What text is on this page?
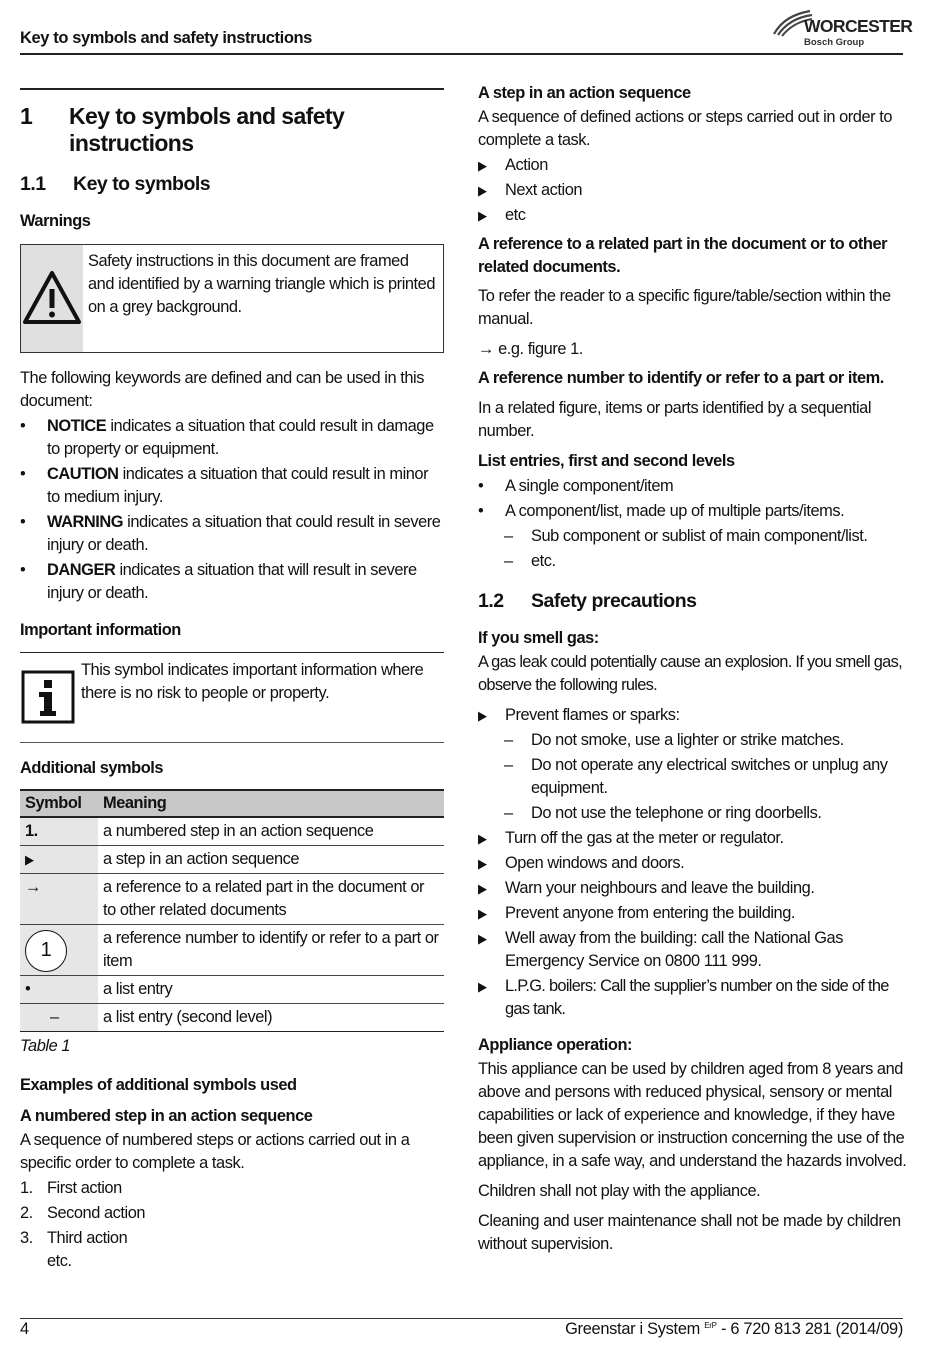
Key to symbols and safety instructions
WORCESTER
Bosch Group
1	Key to symbols and safety instructions
1.1	Key to symbols
Warnings
Safety instructions in this document are framed and identified by a warning triangle which is printed on a grey background.

The following keywords are defined and can be used in this document:

•	NOTICE indicates a situation that could result in damage to property or equipment.
•	CAUTION indicates a situation that could result in minor to medium injury.
•	WARNING indicates a situation that could result in severe injury or death.
•	DANGER indicates a situation that will result in severe injury or death.
Important information
This symbol indicates important information where there is no risk to people or property.
Additional symbols
Symbol	Meaning
1.	a numbered step in an action sequence
▶	a step in an action sequence
→	a reference to a related part in the document or to other related documents
1	a reference number to identify or refer to a part or item
•	a list entry
–	a list entry (second level)

Table 1

Examples of additional symbols used
A numbered step in an action sequence

A sequence of numbered steps or actions carried out in a specific order to complete a task.

1. First action
2. Second action
3. Third action
etc.
A step in an action sequence

A sequence of defined actions or steps carried out in order to complete a task.

▶	Action
▶	Next action
▶	etc
A reference to a related part in the document or to other related documents.

To refer the reader to a specific figure/table/section within the manual.

→ e.g. figure 1.

A reference number to identify or refer to a part or item.

In a related figure, items or parts identified by a sequential number.

List entries, first and second levels
•	A single component/item
•	A component/list, made up of multiple parts/items.
–	Sub component or sublist of main component/list.
–	etc.
1.2	Safety precautions
If you smell gas:

A gas leak could potentially cause an explosion. If you smell gas, observe the following rules.

▶	Prevent flames or sparks:
–	Do not smoke, use a lighter or strike matches.
–	Do not operate any electrical switches or unplug any equipment.
–	Do not use the telephone or ring doorbells.
▶	Turn off the gas at the meter or regulator.
▶	Open windows and doors.
▶	Warn your neighbours and leave the building.
▶	Prevent anyone from entering the building.
▶	Well away from the building: call the National Gas Emergency Service on 0800 111 999.
▶	L.P.G. boilers: Call the supplier’s number on the side of the gas tank.
Appliance operation:

This appliance can be used by children aged from 8 years and above and persons with reduced physical, sensory or mental capabilities or lack of experience and knowledge, if they have been given supervision or instruction concerning the use of the appliance, in a safe way, and understand the hazards involved.

Children shall not play with the appliance.

Cleaning and user maintenance shall not be made by children without supervision.

4	Greenstar i System $^{ErP}$ - 6 720 813 281 (2014/09)
